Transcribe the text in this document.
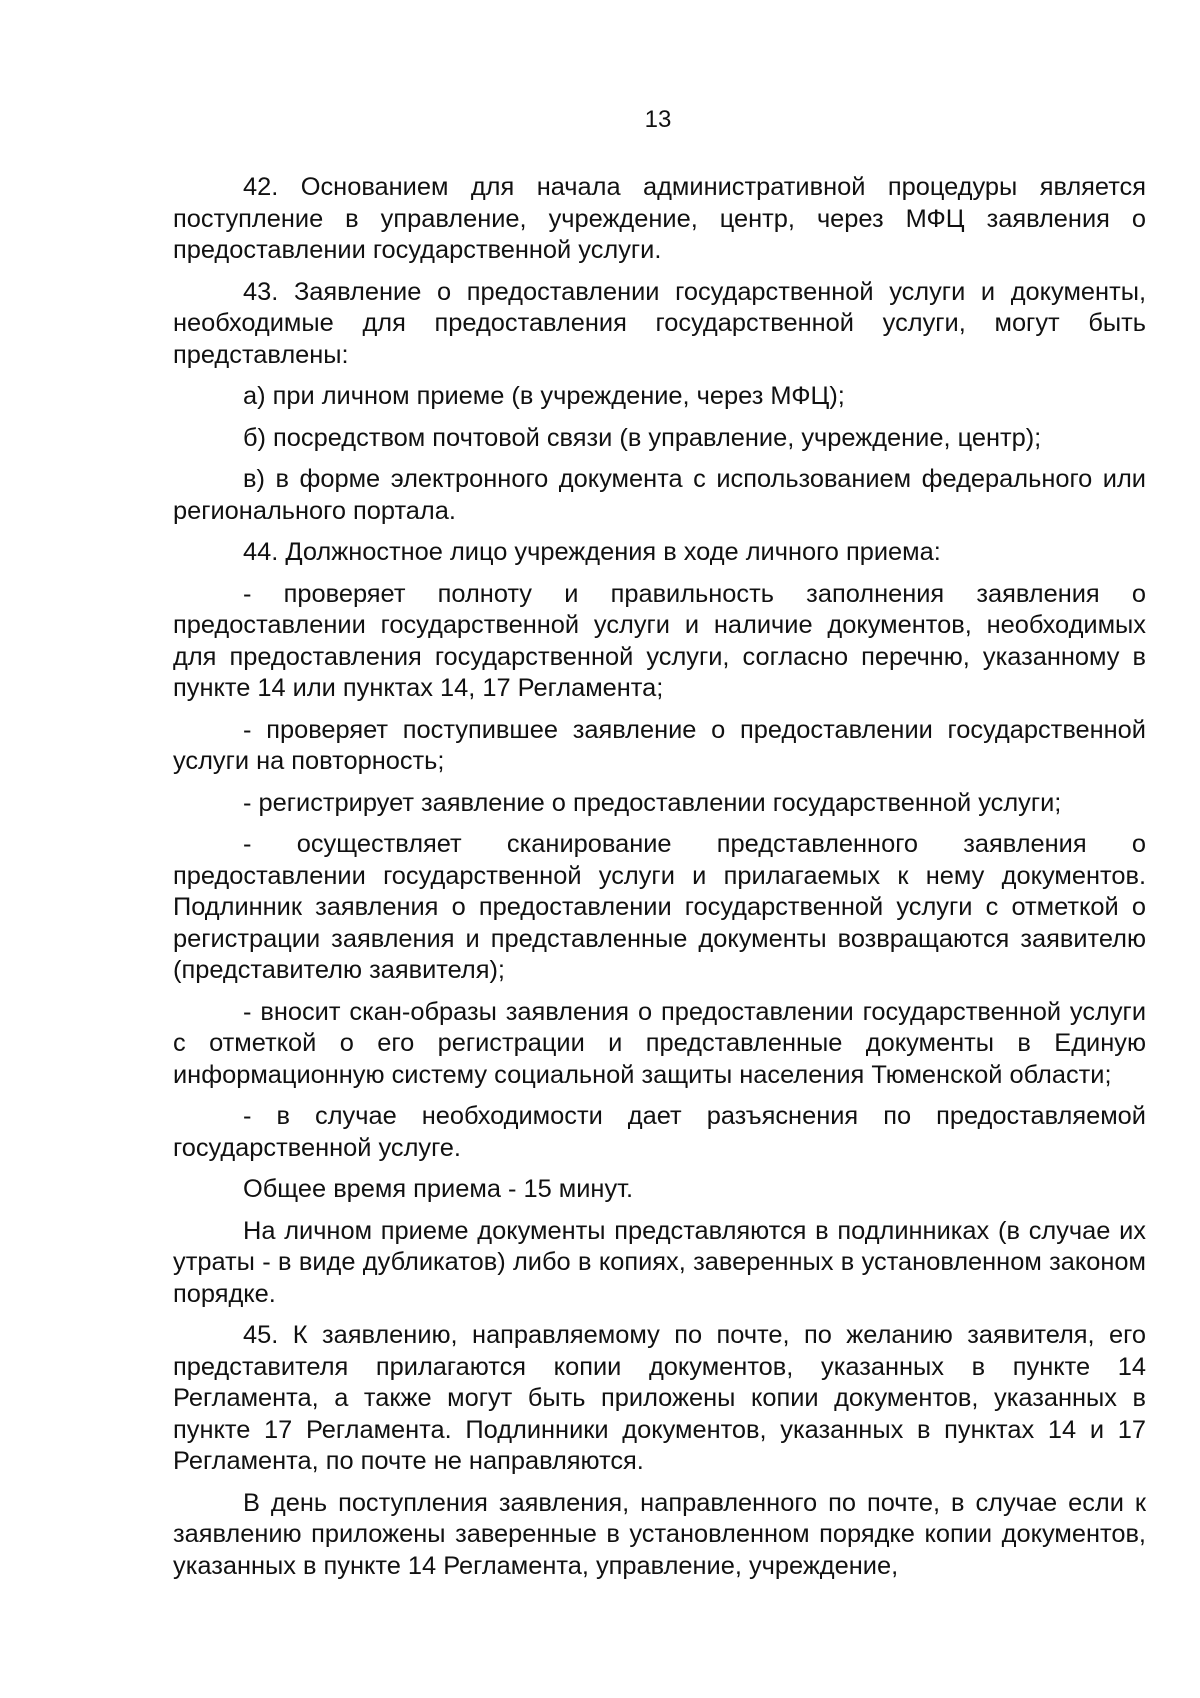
13

42. Основанием для начала административной процедуры является поступление в управление, учреждение, центр, через МФЦ заявления о предоставлении государственной услуги.

43. Заявление о предоставлении государственной услуги и документы, необходимые для предоставления государственной услуги, могут быть представлены:

а) при личном приеме (в учреждение, через МФЦ);

б) посредством почтовой связи (в управление, учреждение, центр);

в) в форме электронного документа с использованием федерального или регионального портала.

44. Должностное лицо учреждения в ходе личного приема:

- проверяет полноту и правильность заполнения заявления о предоставлении государственной услуги и наличие документов, необходимых для предоставления государственной услуги, согласно перечню, указанному в пункте 14 или пунктах 14, 17 Регламента;

- проверяет поступившее заявление о предоставлении государственной услуги на повторность;

- регистрирует заявление о предоставлении государственной услуги;

- осуществляет сканирование представленного заявления о предоставлении государственной услуги и прилагаемых к нему документов. Подлинник заявления о предоставлении государственной услуги с отметкой о регистрации заявления и представленные документы возвращаются заявителю (представителю заявителя);

- вносит скан-образы заявления о предоставлении государственной услуги с отметкой о его регистрации и представленные документы в Единую информационную систему социальной защиты населения Тюменской области;

- в случае необходимости дает разъяснения по предоставляемой государственной услуге.

Общее время приема - 15 минут.

На личном приеме документы представляются в подлинниках (в случае их утраты - в виде дубликатов) либо в копиях, заверенных в установленном законом порядке.

45. К заявлению, направляемому по почте, по желанию заявителя, его представителя прилагаются копии документов, указанных в пункте 14 Регламента, а также могут быть приложены копии документов, указанных в пункте 17 Регламента. Подлинники документов, указанных в пунктах 14 и 17 Регламента, по почте не направляются.

В день поступления заявления, направленного по почте, в случае если к заявлению приложены заверенные в установленном порядке копии документов, указанных в пункте 14 Регламента, управление, учреждение,
